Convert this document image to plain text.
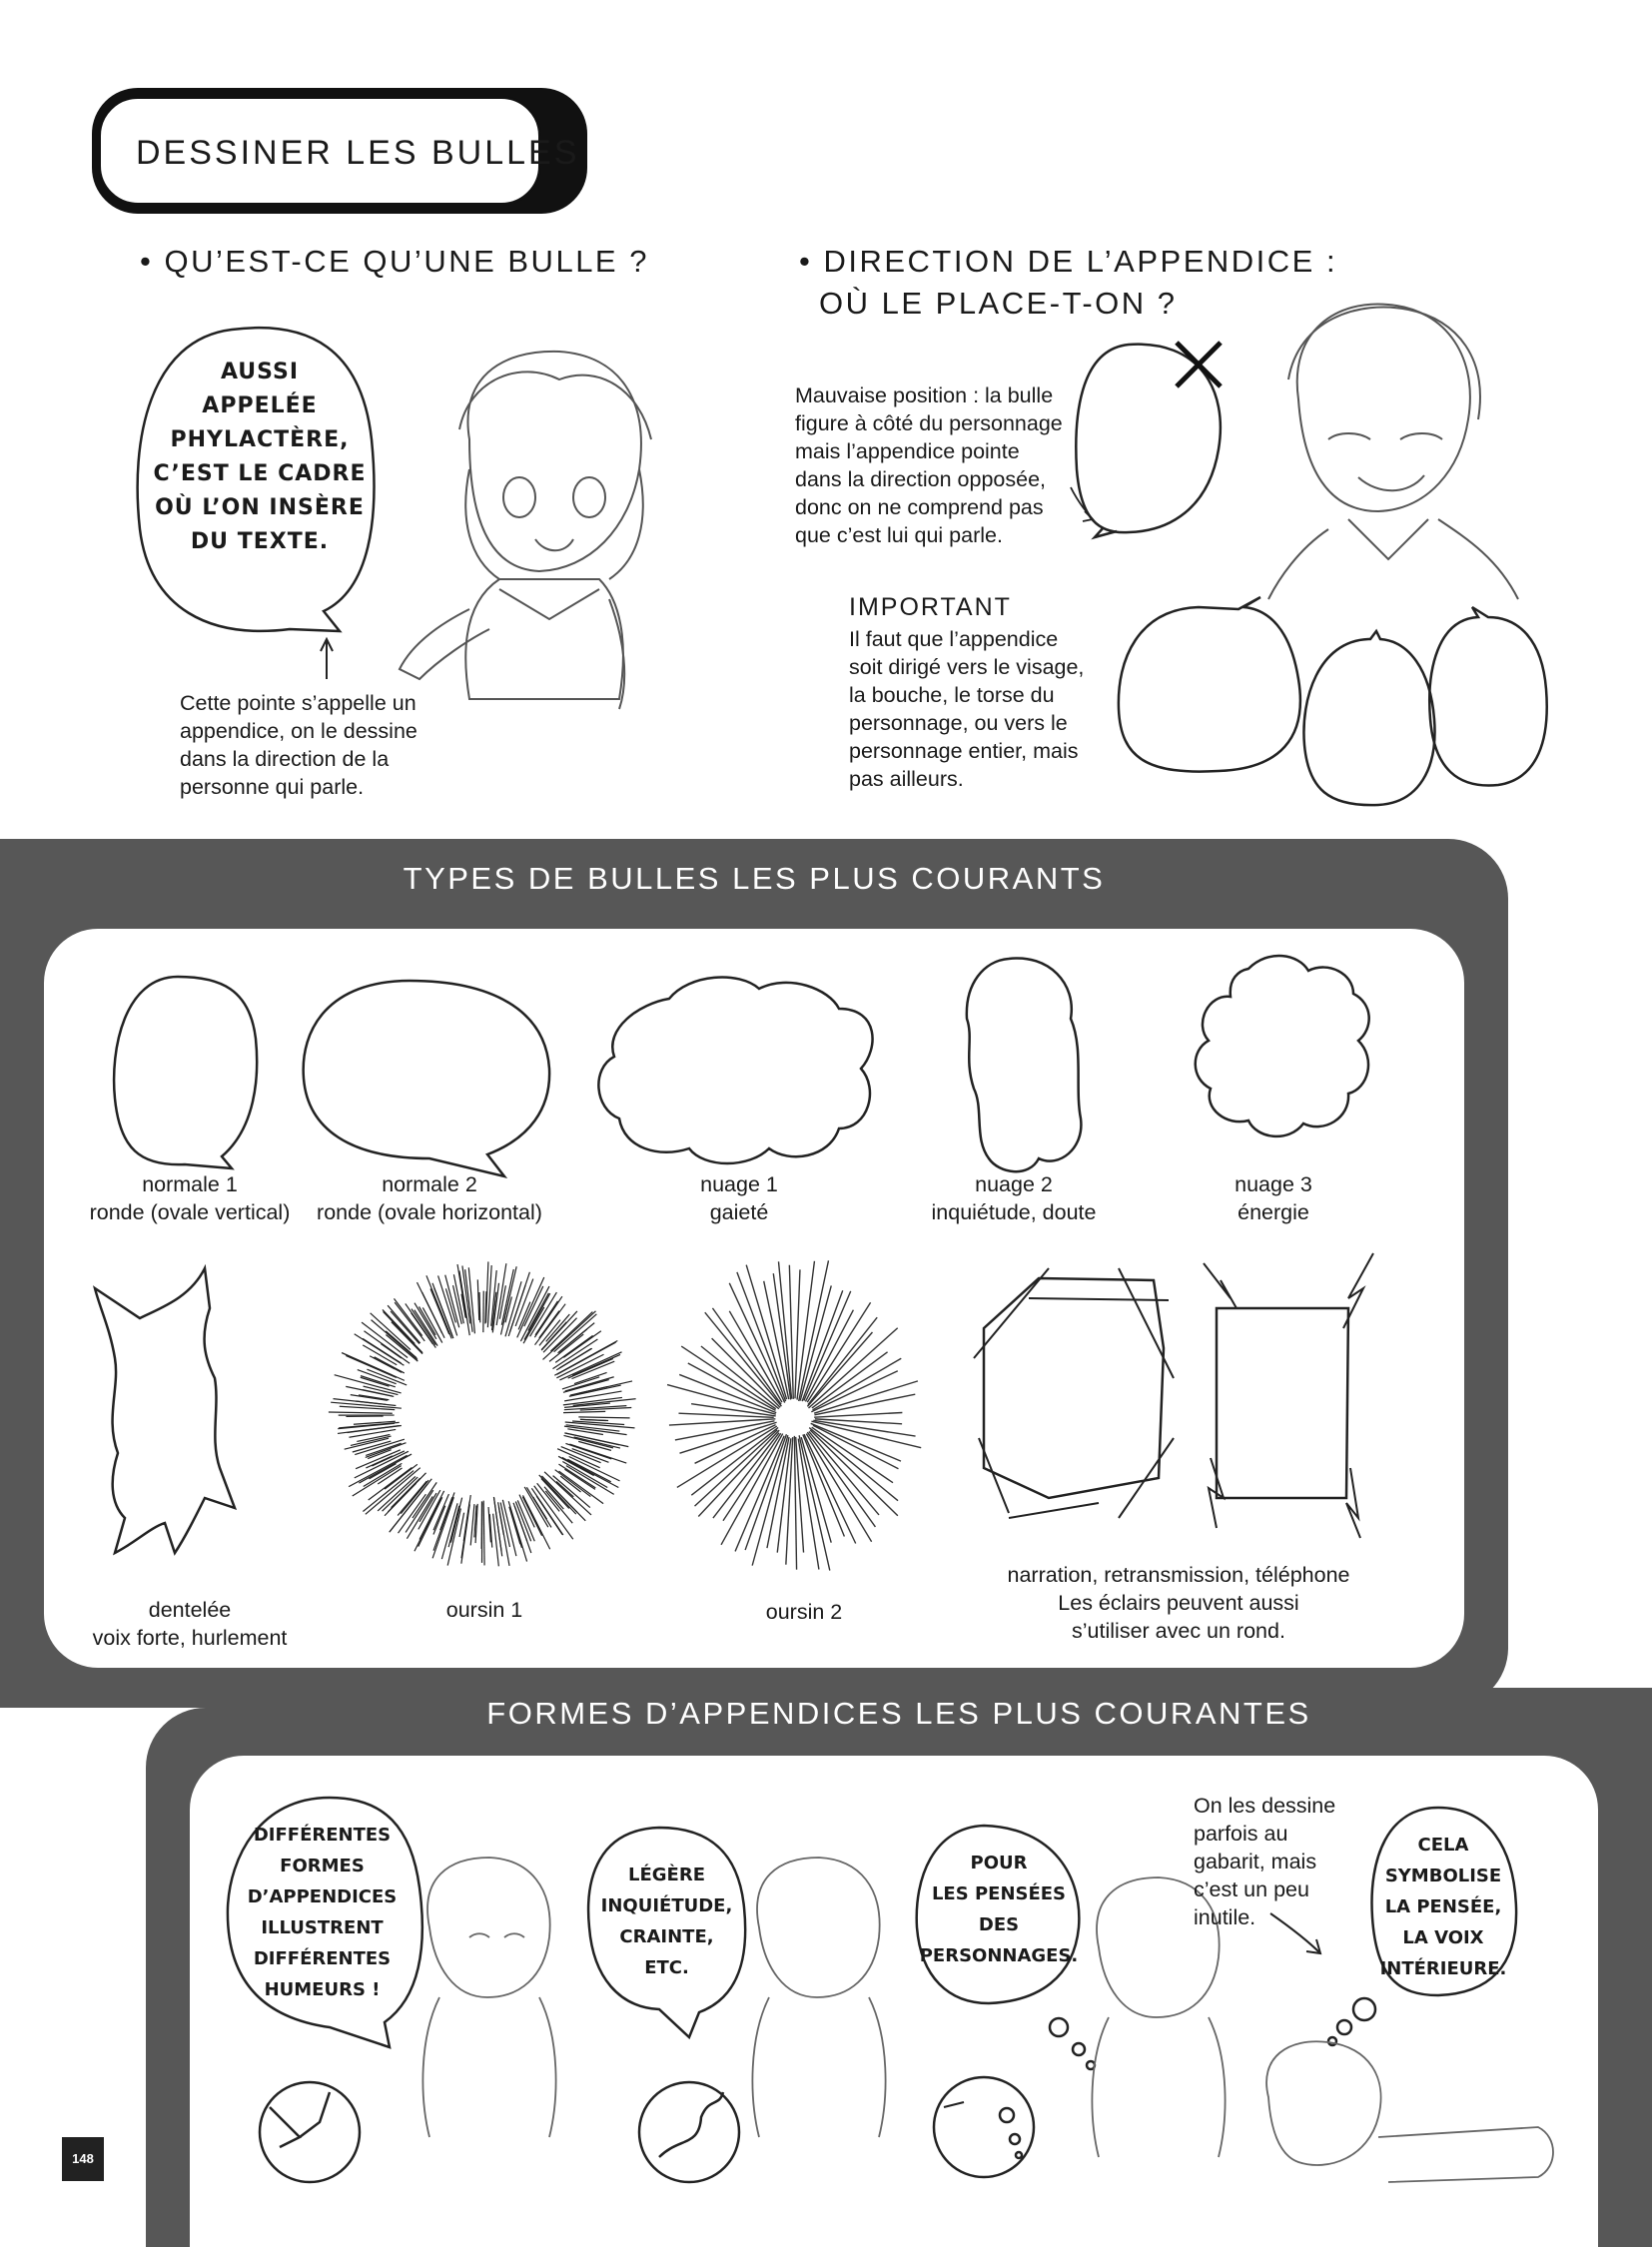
DESSINER LES BULLES
• QU’EST-CE QU’UNE BULLE ?
AUSSI
APPELÉE
PHYLACTÈRE,
C’EST LE CADRE
OÙ L’ON INSÈRE
DU TEXTE.
Cette pointe s’appelle un
appendice, on le dessine
dans la direction de la
personne qui parle.
• DIRECTION DE L’APPENDICE :
OÙ LE PLACE-T-ON ?
Mauvaise position : la bulle
figure à côté du personnage
mais l’appendice pointe
dans la direction opposée,
donc on ne comprend pas
que c’est lui qui parle.
IMPORTANT
Il faut que l’appendice
soit dirigé vers le visage,
la bouche, le torse du
personnage, ou vers le
personnage entier, mais
pas ailleurs.
TYPES DE BULLES LES PLUS COURANTS
normale 1
ronde (ovale vertical)
normale 2
ronde (ovale horizontal)
nuage 1
gaieté
nuage 2
inquiétude, doute
nuage 3
énergie
dentelée
voix forte, hurlement
oursin 1	oursin 2
narration, retransmission, téléphone
Les éclairs peuvent aussi
s’utiliser avec un rond.
FORMES D’APPENDICES LES PLUS COURANTES
DIFFÉRENTES
FORMES
D’APPENDICES
ILLUSTRENT
DIFFÉRENTES
HUMEURS !
LÉGÈRE
INQUIÉTUDE,
CRAINTE,
ETC.
POUR
LES PENSÉES
DES
PERSONNAGES.
On les dessine
parfois au
gabarit, mais
c’est un peu
inutile.
CELA
SYMBOLISE
LA PENSÉE,
LA VOIX
INTÉRIEURE.
148
